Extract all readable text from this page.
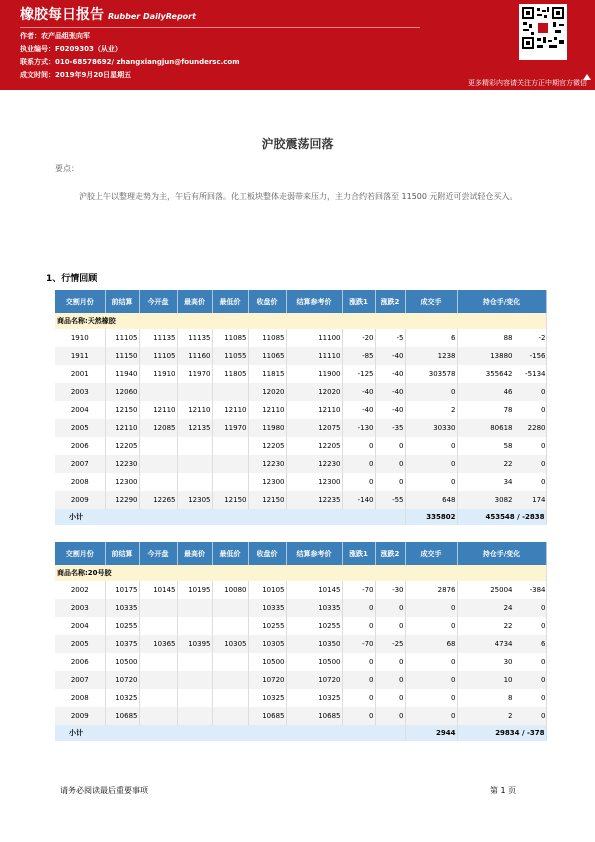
橡胶每日报告 Rubber DailyReport
作者：农产品组张向军
执业编号：F0209303（从业）
联系方式：010-68578692/ zhangxiangjun@foundersc.com
成文时间：2019年9月20日星期五
更多精彩内容请关注方正中期官方微信
沪胶震荡回落
要点：
沪胶上午以整理走势为主，午后有所回落。化工板块整体走弱带来压力，主力合约若回落至 11500 元附近可尝试轻仓买入。
1、行情回顾
交割月份	前结算	今开盘	最高价	最低价	收盘价	结算参考价	涨跌1	涨跌2	成交手	持仓手/变化
商品名称:天然橡胶										
1910	11105	11135	11135	11085	11085	11100	-20	-5	6	88 -2

1911	11150	11105	11160	11055	11065	11110	-85	-40	1238	13880 -156

2001	11940	11910	11970	11805	11815	11900	-125	-40	303578	355642 -5134

2003	12060				12020	12020	-40	-40	0	46 0

2004	12150	12110	12110	12110	12110	12110	-40	-40	2	78 0

2005	12110	12085	12135	11970	11980	12075	-130	-35	30330	80618 2280

2006	12205				12205	12205	0	0	0	58 0

2007	12230				12230	12230	0	0	0	22 0

2008	12300				12300	12300	0	0	0	34 0

2009	12290	12265	12305	12150	12150	12235	-140	-55	648	3082 174

小计									335802	453548 / -2838
交割月份	前结算	今开盘	最高价	最低价	收盘价	结算参考价	涨跌1	涨跌2	成交手	持仓手/变化
商品名称:20号胶										
2002	10175	10145	10195	10080	10105	10145	-70	-30	2876	25004 -384

2003	10335				10335	10335	0	0	0	24 0

2004	10255				10255	10255	0	0	0	22 0

2005	10375	10365	10395	10305	10305	10350	-70	-25	68	4734 6

2006	10500				10500	10500	0	0	0	30 0

2007	10720				10720	10720	0	0	0	10 0

2008	10325				10325	10325	0	0	0	8 0

2009	10685				10685	10685	0	0	0	2 0

小计									2944	29834 / -378
请务必阅读最后重要事项	第 1 页
